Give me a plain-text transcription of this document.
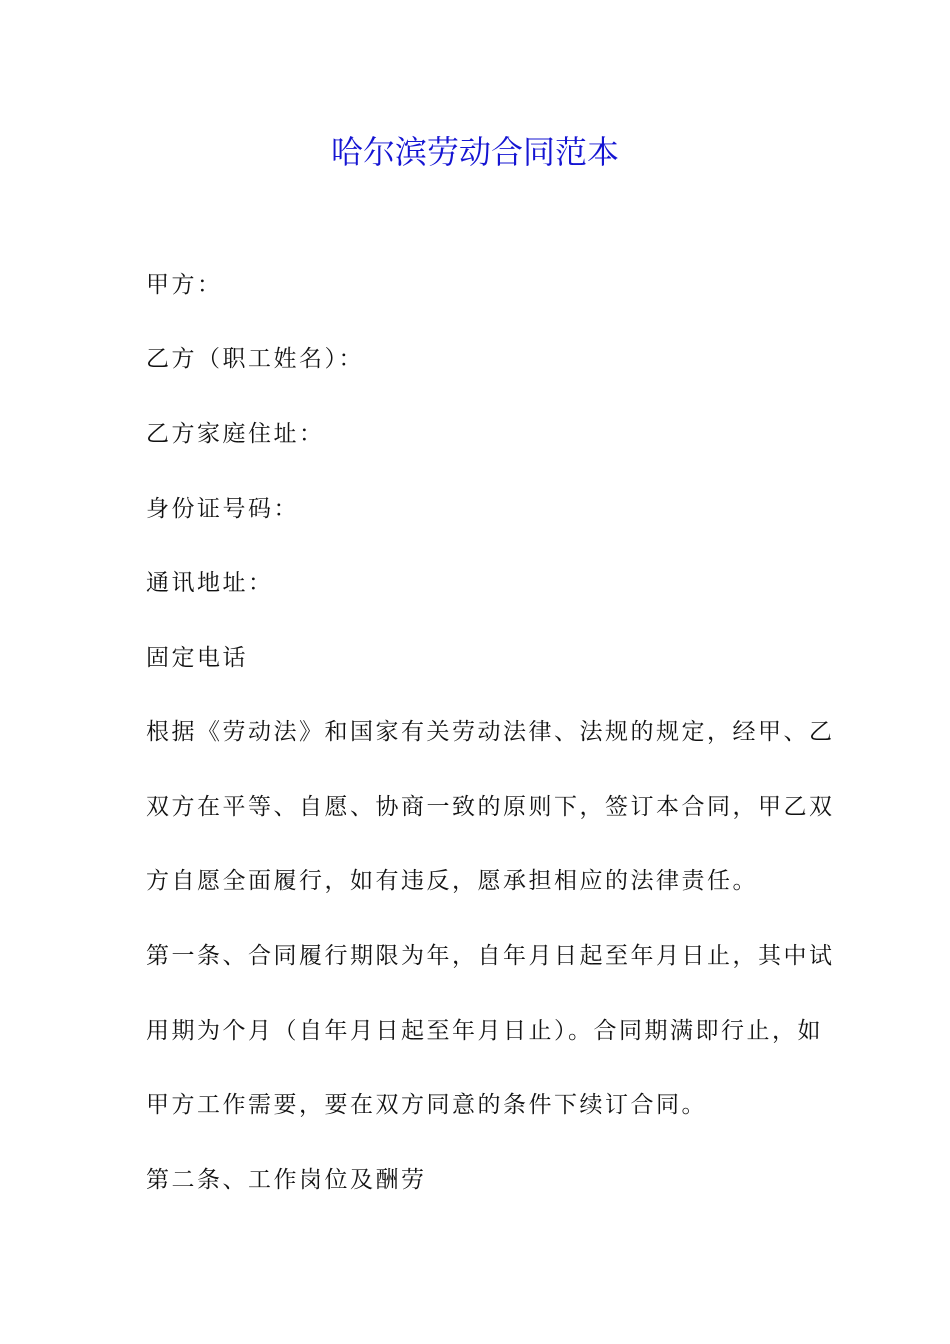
哈尔滨劳动合同范本
甲方：
乙方（职工姓名）：
乙方家庭住址：
身份证号码：
通讯地址：
固定电话
根据《劳动法》和国家有关劳动法律、法规的规定，经甲、乙
双方在平等、自愿、协商一致的原则下，签订本合同，甲乙双
方自愿全面履行，如有违反，愿承担相应的法律责任。
第一条、合同履行期限为年，自年月日起至年月日止，其中试
用期为个月（自年月日起至年月日止）。合同期满即行止，如
甲方工作需要，要在双方同意的条件下续订合同。
第二条、工作岗位及酬劳
